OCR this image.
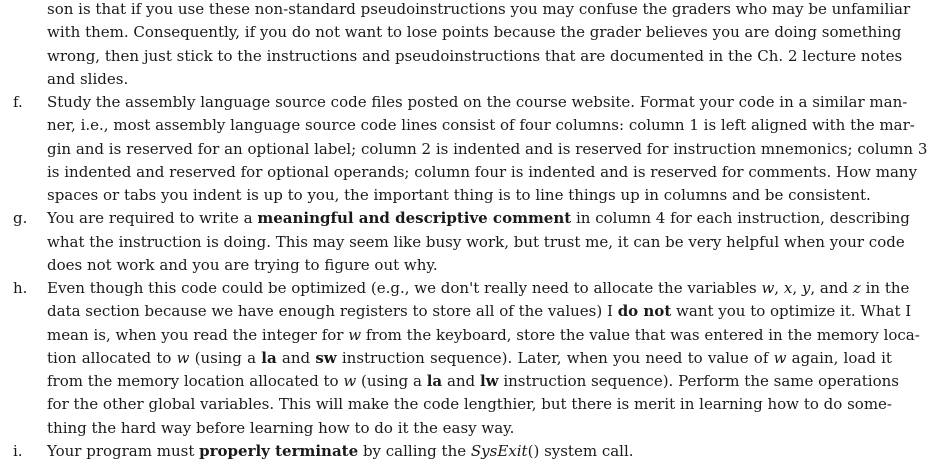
son is that if you use these non-standard pseudoinstructions you may confuse the graders who may be unfamiliar
with them. Consequently, if you do not want to lose points because the grader believes you are doing something
wrong, then just stick to the instructions and pseudoinstructions that are documented in the Ch. 2 lecture notes
and slides.
f. Study the assembly language source code files posted on the course website. Format your code in a similar man-
ner, i.e., most assembly language source code lines consist of four columns: column 1 is left aligned with the mar-
gin and is reserved for an optional label; column 2 is indented and is reserved for instruction mnemonics; column 3
is indented and reserved for optional operands; column four is indented and is reserved for comments. How many
spaces or tabs you indent is up to you, the important thing is to line things up in columns and be consistent.
g. You are required to write a meaningful and descriptive comment in column 4 for each instruction, describing
what the instruction is doing. This may seem like busy work, but trust me, it can be very helpful when your code
does not work and you are trying to figure out why.
h. Even though this code could be optimized (e.g., we don't really need to allocate the variables w, x, y, and z in the
data section because we have enough registers to store all of the values) I do not want you to optimize it. What I
mean is, when you read the integer for w from the keyboard, store the value that was entered in the memory loca-
tion allocated to w (using a la and sw instruction sequence). Later, when you need to value of w again, load it
from the memory location allocated to w (using a la and lw instruction sequence). Perform the same operations
for the other global variables. This will make the code lengthier, but there is merit in learning how to do some-
thing the hard way before learning how to do it the easy way.
i. Your program must properly terminate by calling the SysExit() system call.
